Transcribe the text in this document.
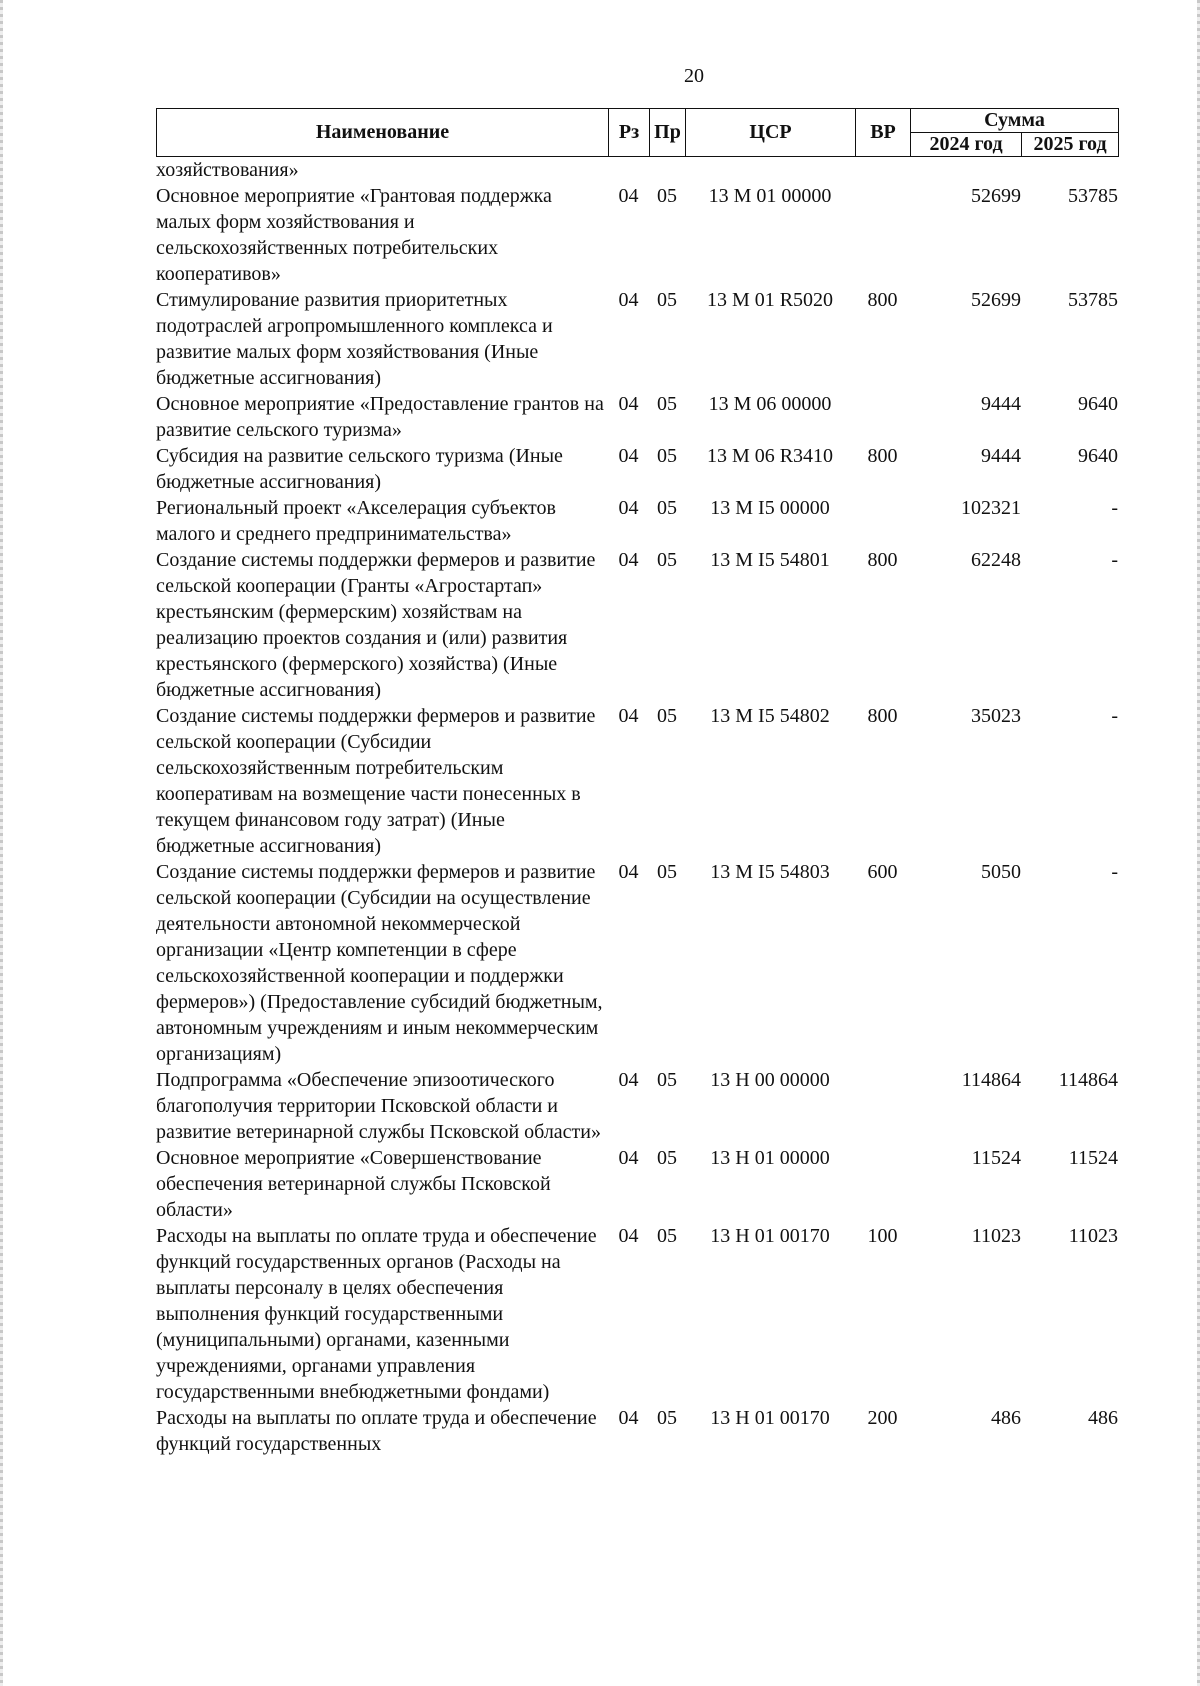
20
Наименование	Рз	Пр	ЦСР	ВР	Сумма	
					2024 год	2025 год
хозяйствования»						
Основное мероприятие «Грантовая поддержка малых форм хозяйствования и сельскохозяйственных потребительских кооперативов»	04	05	13 M 01 00000		52699	53785
Стимулирование развития приоритетных подотраслей агропромышленного комплекса и развитие малых форм хозяйствования (Иные бюджетные ассигнования)	04	05	13 M 01 R5020	800	52699	53785
Основное мероприятие «Предоставление грантов на развитие сельского туризма»	04	05	13 M 06 00000		9444	9640
Субсидия на развитие сельского туризма (Иные бюджетные ассигнования)	04	05	13 M 06 R3410	800	9444	9640
Региональный проект «Акселерация субъектов малого и среднего предпринимательства»	04	05	13 M I5 00000		102321	-
Создание системы поддержки фермеров и развитие сельской кооперации (Гранты «Агростартап» крестьянским (фермерским) хозяйствам на реализацию проектов создания и (или) развития крестьянского (фермерского) хозяйства) (Иные бюджетные ассигнования)	04	05	13 M I5 54801	800	62248	-
Создание системы поддержки фермеров и развитие сельской кооперации (Субсидии сельскохозяйственным потребительским кооперативам на возмещение части понесенных в текущем финансовом году затрат) (Иные бюджетные ассигнования)	04	05	13 M I5 54802	800	35023	-
Создание системы поддержки фермеров и развитие сельской кооперации (Субсидии на осуществление деятельности автономной некоммерческой организации «Центр компетенции в сфере сельскохозяйственной кооперации и поддержки фермеров») (Предоставление субсидий бюджетным, автономным учреждениям и иным некоммерческим организациям)	04	05	13 M I5 54803	600	5050	-
Подпрограмма «Обеспечение эпизоотического благополучия территории Псковской области и развитие ветеринарной службы Псковской области»	04	05	13 H 00 00000		114864	114864
Основное мероприятие «Совершенствование обеспечения ветеринарной службы Псковской области»	04	05	13 H 01 00000		11524	11524
Расходы на выплаты по оплате труда и обеспечение функций государственных органов (Расходы на выплаты персоналу в целях обеспечения выполнения функций государственными (муниципальными) органами, казенными учреждениями, органами управления государственными внебюджетными фондами)	04	05	13 H 01 00170	100	11023	11023
Расходы на выплаты по оплате труда и обеспечение функций государственных	04	05	13 H 01 00170	200	486	486
